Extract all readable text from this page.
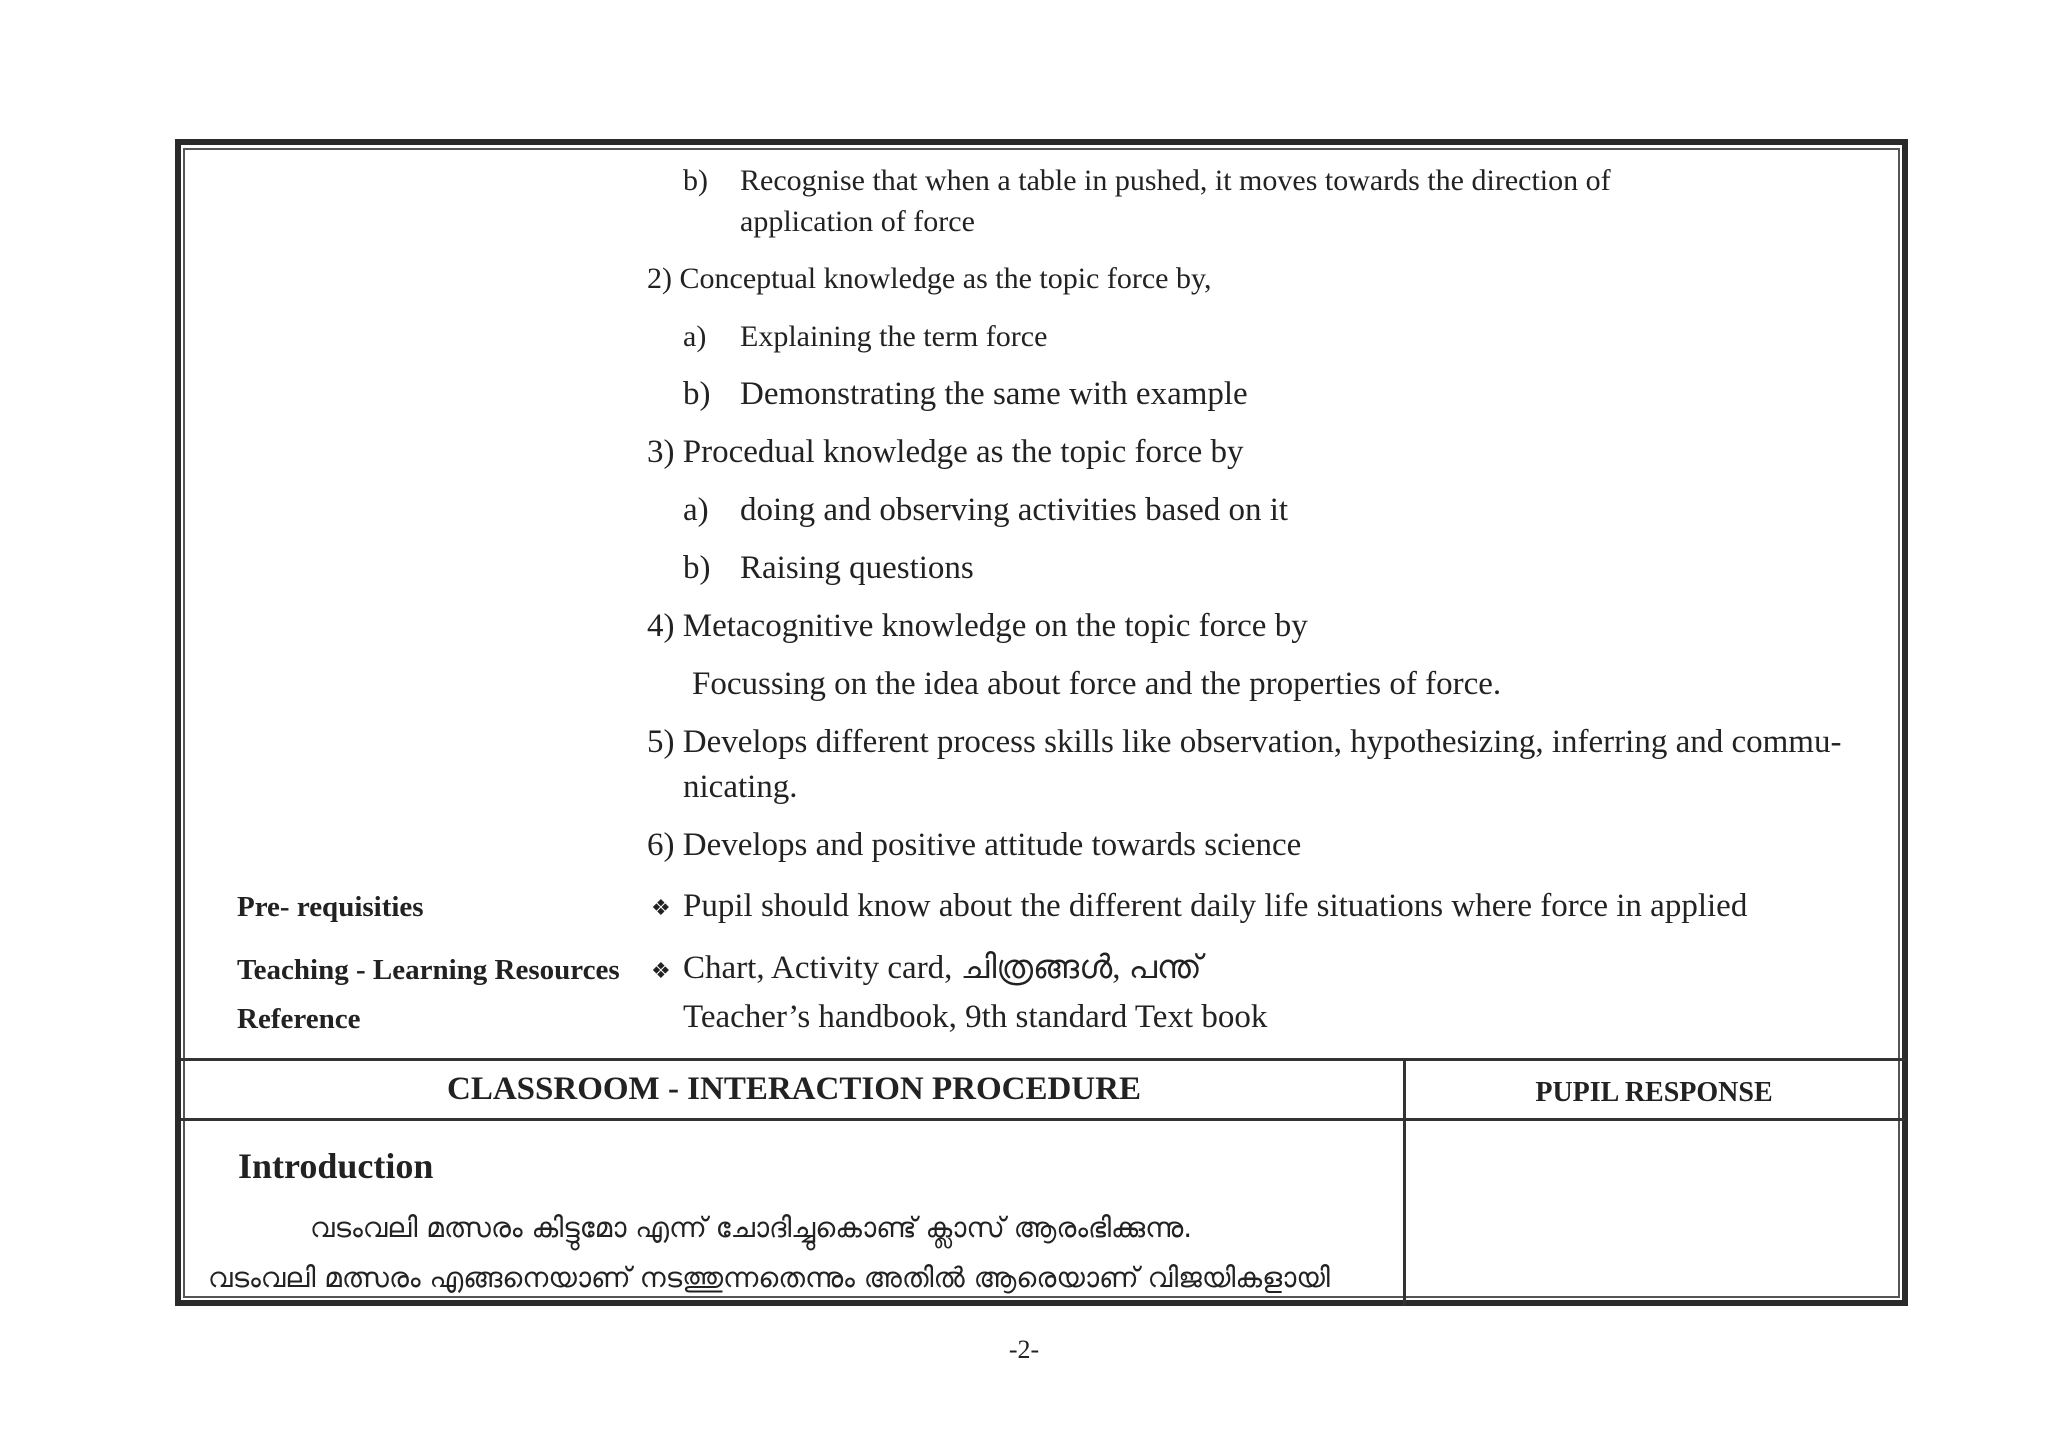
b) Recognise that when a table in pushed, it moves towards the direction of
application of force
2) Conceptual knowledge as the topic force by,
a) Explaining the term force
b) Demonstrating the same with example
3) Procedual knowledge as the topic force by
a) doing and observing activities based on it
b) Raising questions
4) Metacognitive knowledge on the topic force by
Focussing on the idea about force and the properties of force.
5) Develops different process skills like observation, hypothesizing, inferring and commu-
nicating.
6) Develops and positive attitude towards science
Pre- requisities	❖ Pupil should know about the different daily life situations where force in applied
Teaching - Learning Resources ❖ Chart, Activity card, ചിത്രങ്ങൾ, പന്ത്
Reference	Teacher’s handbook, 9th standard Text book
CLASSROOM - INTERACTION PROCEDURE	PUPIL RESPONSE
Introduction
വടംവലി മത്സരം കിട്ടുമോ എന്ന് ചോദിച്ചുകൊണ്ട് ക്ലാസ് ആരംഭിക്കുന്നു.
വടംവലി മത്സരം എങ്ങനെയാണ് നടത്തുന്നതെന്നും അതിൽ ആരെയാണ് വിജയികളായി
-2-
